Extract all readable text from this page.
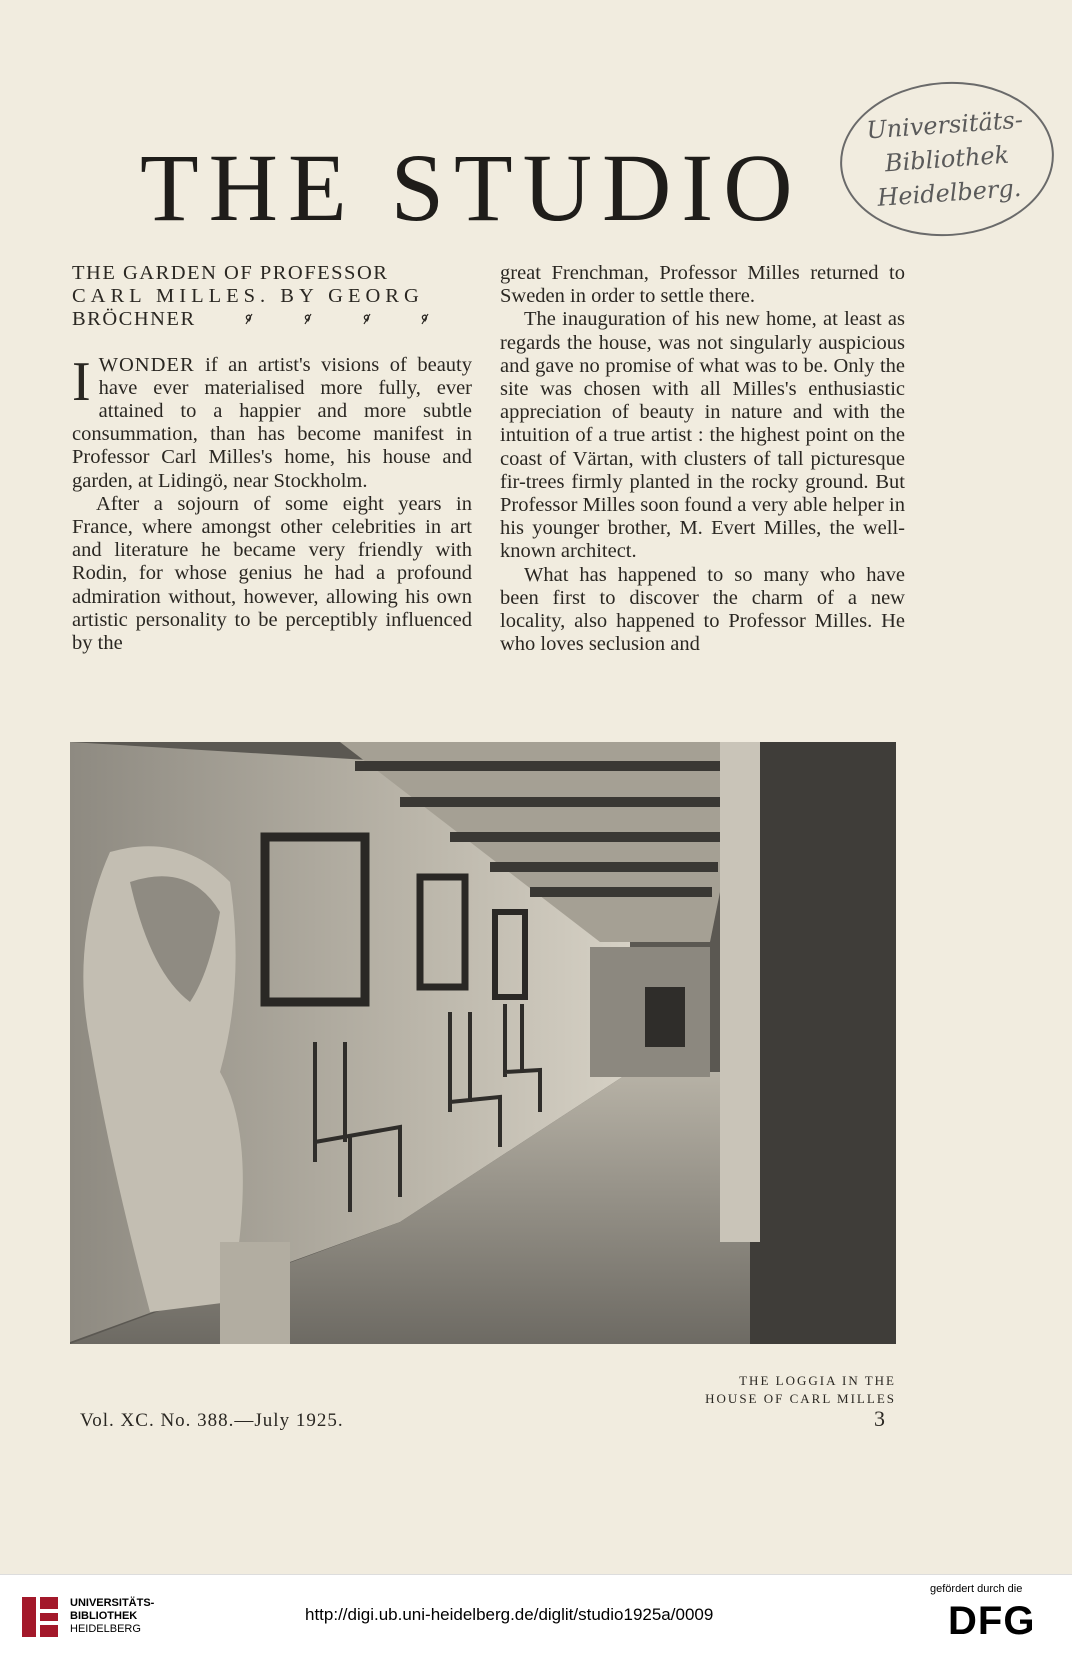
THE STUDIO
Universitäts-
Bibliothek
Heidelberg.

THE GARDEN OF PROFESSOR
CARL MILLES. BY GEORG
BRÖCHNER

IWONDER if an artist's visions of beauty have ever materialised more fully, ever attained to a happier and more subtle consummation, than has become manifest in Professor Carl Milles's home, his house and garden, at Lidingö, near Stockholm.

After a sojourn of some eight years in France, where amongst other celebrities in art and literature he became very friendly with Rodin, for whose genius he had a profound admiration without, however, allowing his own artistic personality to be perceptibly influenced by the

great Frenchman, Professor Milles returned to Sweden in order to settle there.

The inauguration of his new home, at least as regards the house, was not singularly auspicious and gave no promise of what was to be. Only the site was chosen with all Milles's enthusiastic appreciation of beauty in nature and with the intuition of a true artist : the highest point on the coast of Värtan, with clusters of tall picturesque fir-trees firmly planted in the rocky ground. But Professor Milles soon found a very able helper in his younger brother, M. Evert Milles, the well-known architect.

What has happened to so many who have been first to discover the charm of a new locality, also happened to Professor Milles. He who loves seclusion and

THE LOGGIA IN THE
HOUSE OF CARL MILLES
Vol. XC. No. 388.—July 1925.	3
UNIVERSITÄTS-
BIBLIOTHEK
HEIDELBERG
http://digi.ub.uni-heidelberg.de/diglit/studio1925a/0009
gefördert durch die
DFG
